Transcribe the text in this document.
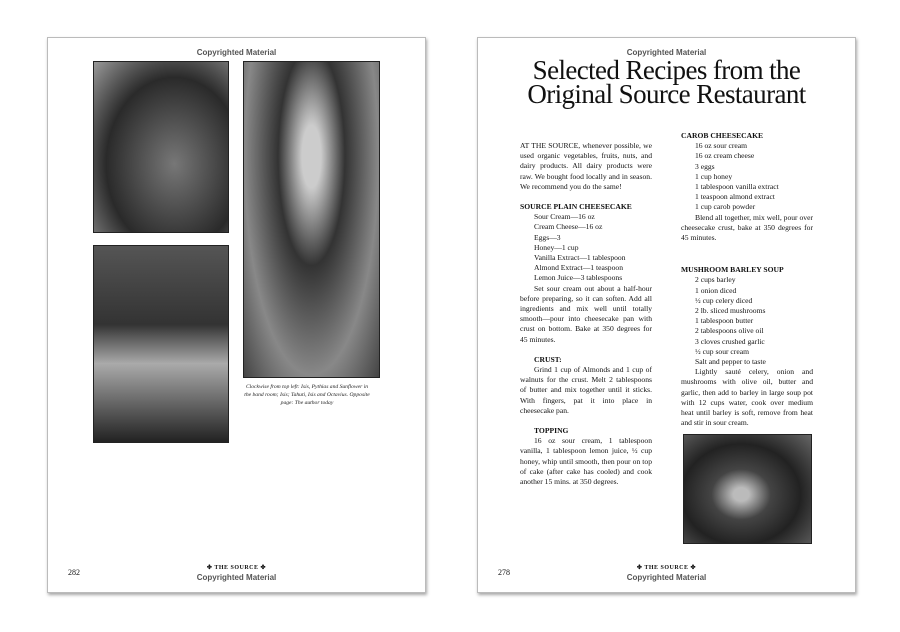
Copyrighted Material
Clockwise from top left: Isis, Pythias and Sunflower in the band room; Isis; Tahuti, Isis and Octavius. Opposite page: The author today
282	✤ THE SOURCE ✤
Copyrighted Material
Copyrighted Material
Selected Recipes from the
Original Source Restaurant

AT THE SOURCE, whenever possible, we used organic vegetables, fruits, nuts, and dairy products. All dairy products were raw. We bought food locally and in season. We recommend you do the same!

SOURCE PLAIN CHEESECAKE
Sour Cream—16 oz
Cream Cheese—16 oz
Eggs—3
Honey—1 cup
Vanilla Extract—1 tablespoon
Almond Extract—1 teaspoon
Lemon Juice—3 tablespoons

Set sour cream out about a half-hour before preparing, so it can soften. Add all ingredients and mix well until totally smooth—pour into cheesecake pan with crust on bottom. Bake at 350 degrees for 45 minutes.

CRUST:

Grind 1 cup of Almonds and 1 cup of walnuts for the crust. Melt 2 tablespoons of butter and mix together until it sticks. With fingers, pat it into place in cheesecake pan.

TOPPING

16 oz sour cream, 1 tablespoon vanilla, 1 tablespoon lemon juice, ½ cup honey, whip until smooth, then pour on top of cake (after cake has cooled) and cook another 15 mins. at 350 degrees.

CAROB CHEESECAKE
16 oz sour cream
16 oz cream cheese
3 eggs
1 cup honey
1 tablespoon vanilla extract
1 teaspoon almond extract
1 cup carob powder

Blend all together, mix well, pour over cheesecake crust, bake at 350 degrees for 45 minutes.

MUSHROOM BARLEY SOUP
2 cups barley
1 onion diced
½ cup celery diced
2 lb. sliced mushrooms
1 tablespoon butter
2 tablespoons olive oil
3 cloves crushed garlic
½ cup sour cream
Salt and pepper to taste

Lightly sauté celery, onion and mushrooms with olive oil, butter and garlic, then add to barley in large soup pot with 12 cups water, cook over medium heat until barley is soft, remove from heat and stir in sour cream.

278	✤ THE SOURCE ✤
Copyrighted Material
